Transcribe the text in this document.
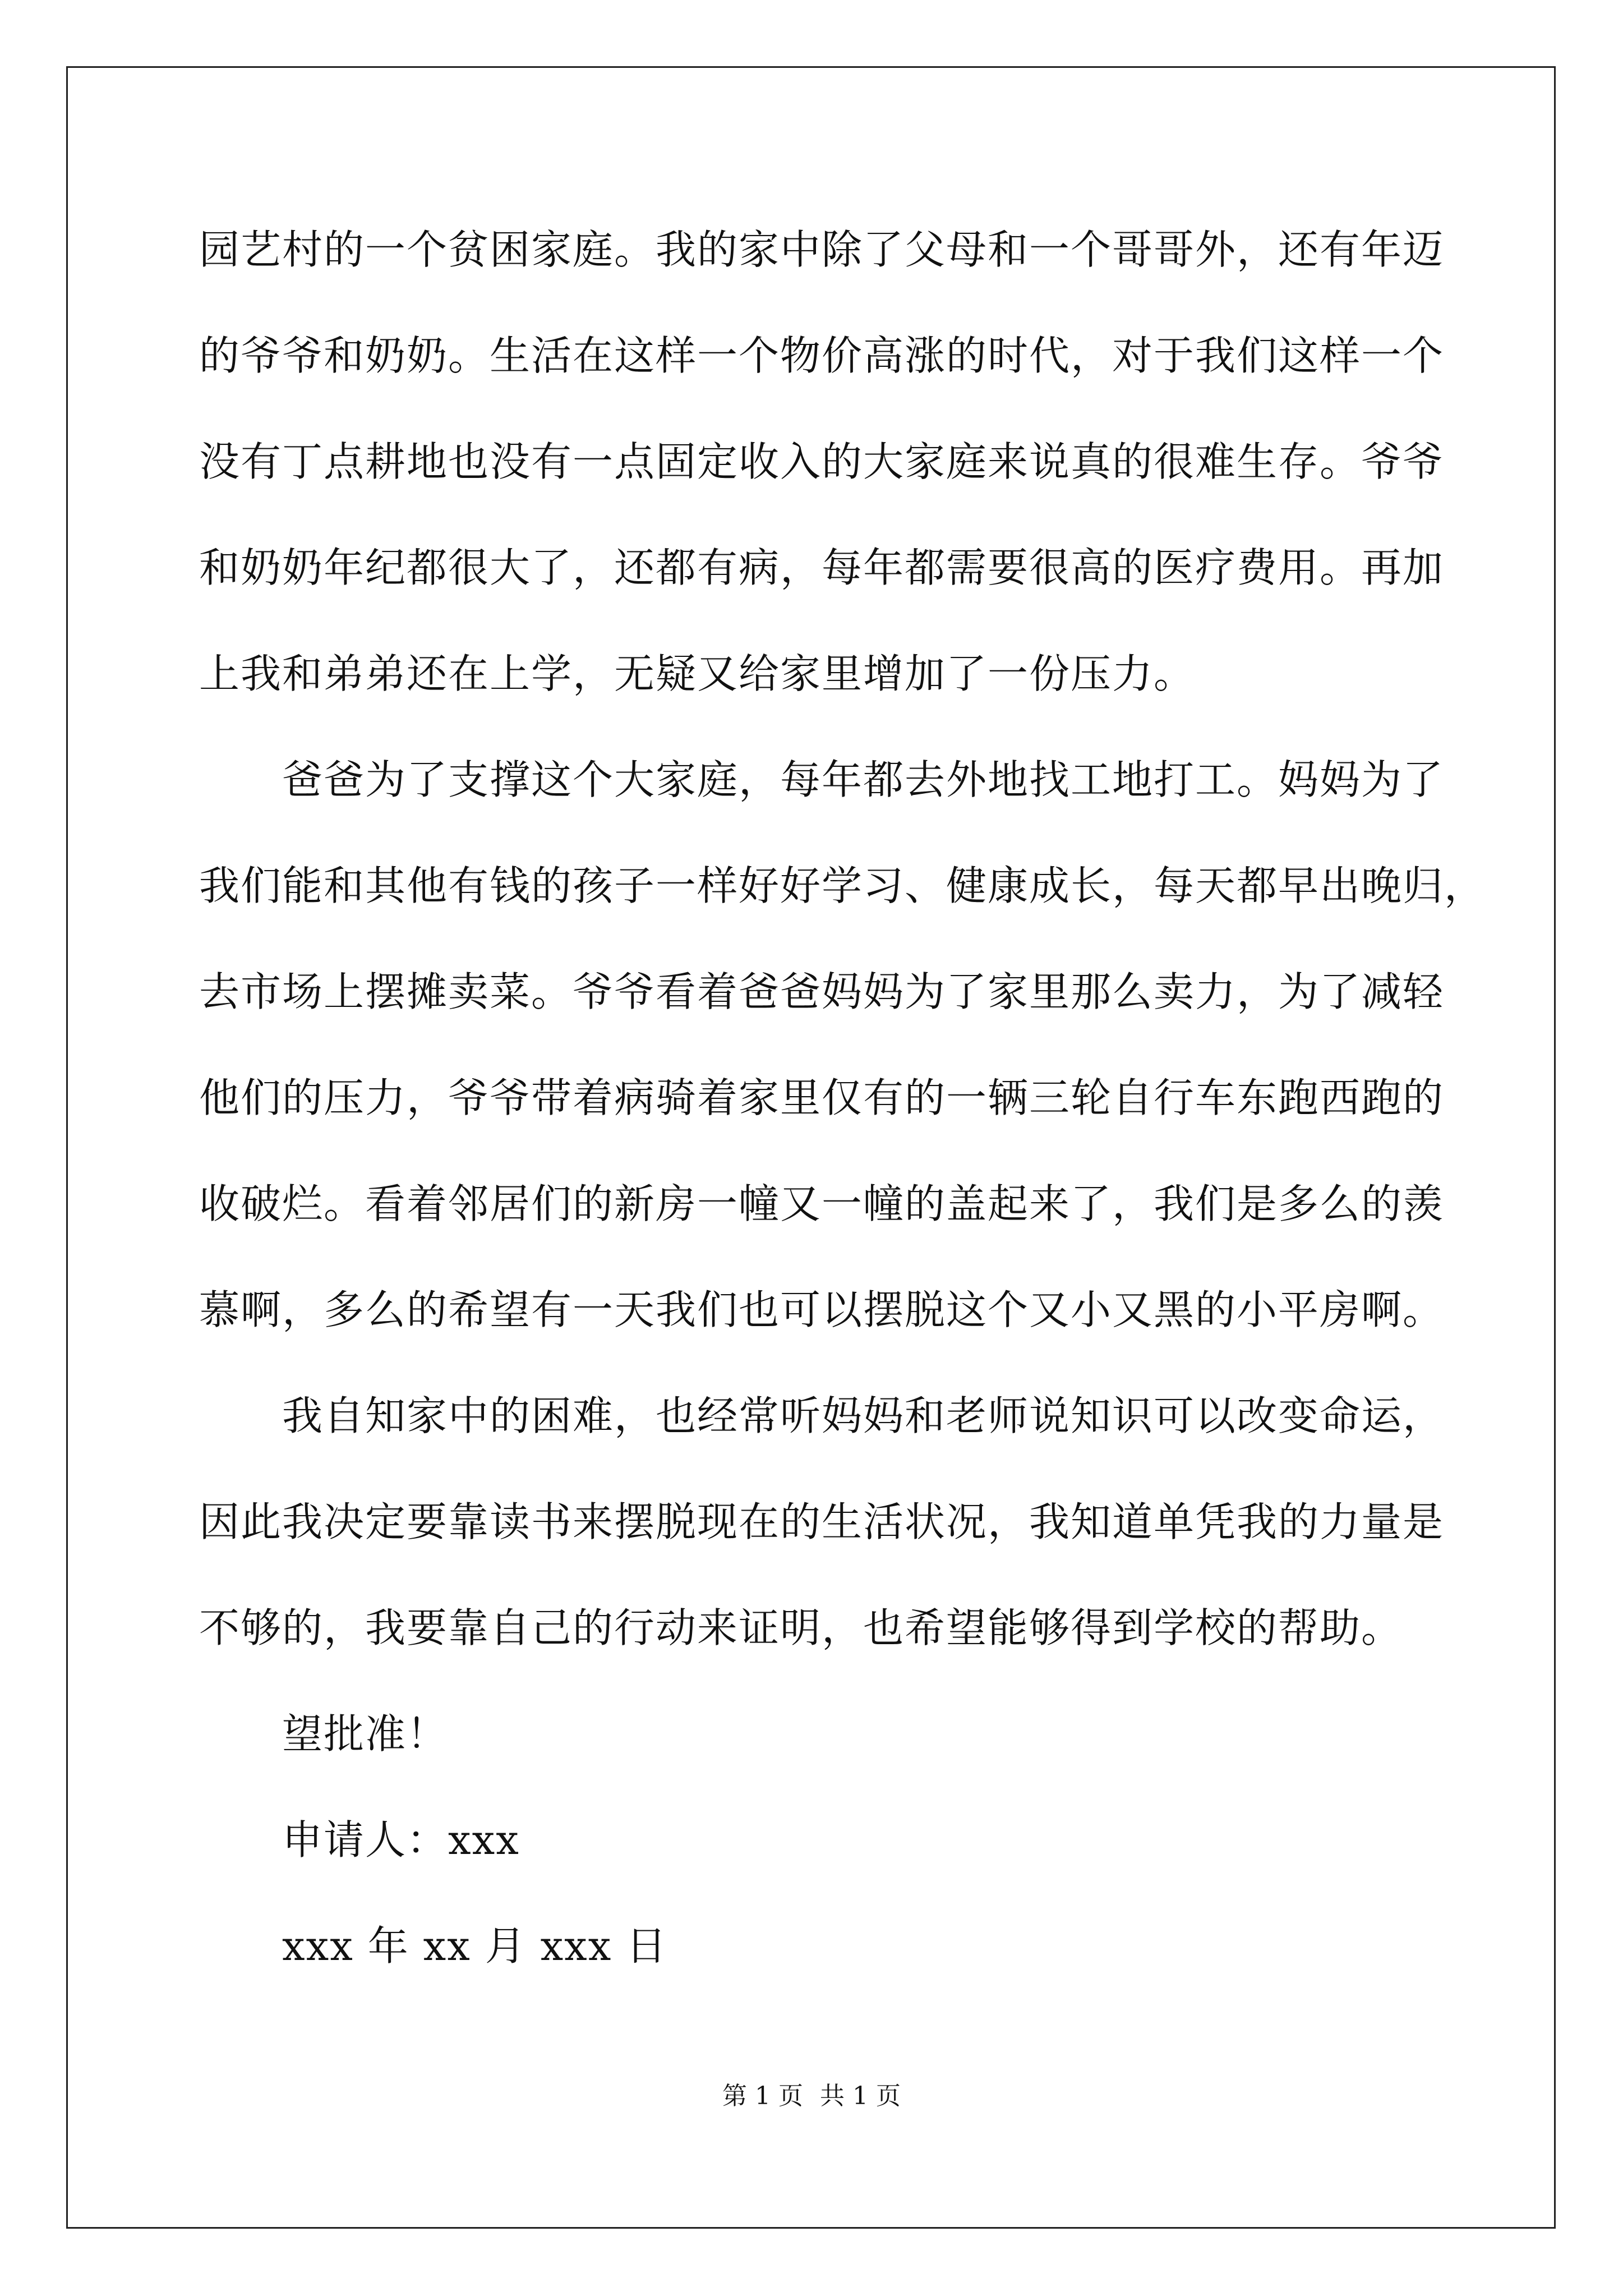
园艺村的一个贫困家庭。我的家中除了父母和一个哥哥外，还有年迈
的爷爷和奶奶。生活在这样一个物价高涨的时代，对于我们这样一个
没有丁点耕地也没有一点固定收入的大家庭来说真的很难生存。爷爷
和奶奶年纪都很大了，还都有病，每年都需要很高的医疗费用。再加
上我和弟弟还在上学，无疑又给家里增加了一份压力。
爸爸为了支撑这个大家庭，每年都去外地找工地打工。妈妈为了
我们能和其他有钱的孩子一样好好学习、健康成长，每天都早出晚归，
去市场上摆摊卖菜。爷爷看着爸爸妈妈为了家里那么卖力，为了减轻
他们的压力，爷爷带着病骑着家里仅有的一辆三轮自行车东跑西跑的
收破烂。看着邻居们的新房一幢又一幢的盖起来了，我们是多么的羡
慕啊，多么的希望有一天我们也可以摆脱这个又小又黑的小平房啊。
我自知家中的困难，也经常听妈妈和老师说知识可以改变命运，
因此我决定要靠读书来摆脱现在的生活状况，我知道单凭我的力量是
不够的，我要靠自己的行动来证明，也希望能够得到学校的帮助。
望批准！
申请人：xxx
xxx 年 xx 月 xxx 日
第 1 页 共 1 页
